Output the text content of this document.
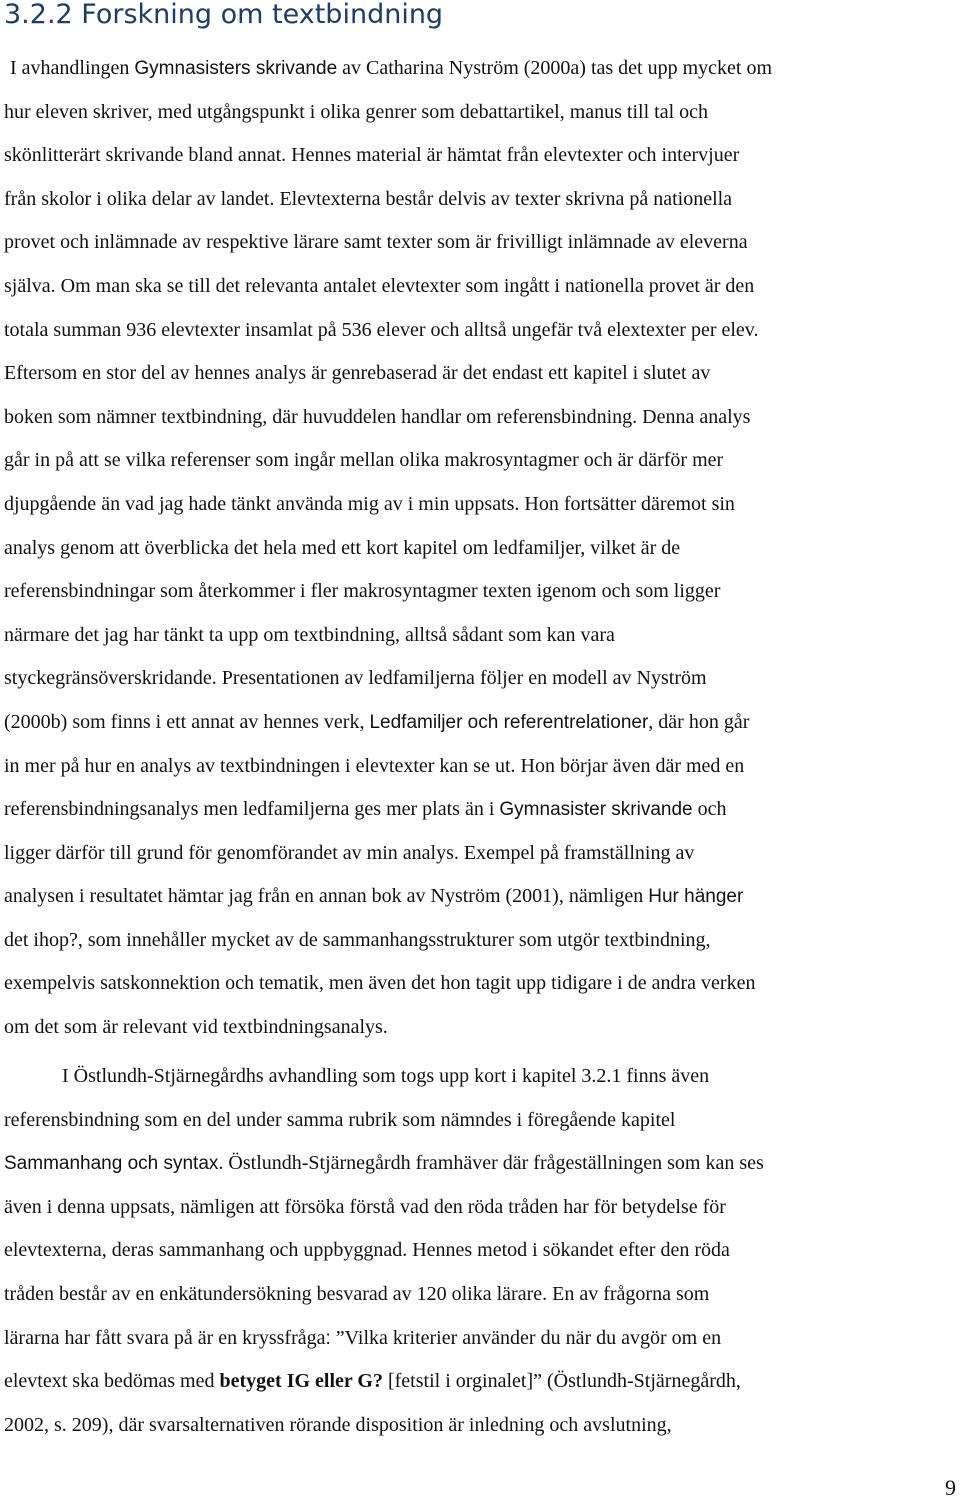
3.2.2 Forskning om textbindning
I avhandlingen Gymnasisters skrivande av Catharina Nyström (2000a) tas det upp mycket om
hur eleven skriver, med utgångspunkt i olika genrer som debattartikel, manus till tal och
skönlitterärt skrivande bland annat. Hennes material är hämtat från elevtexter och intervjuer
från skolor i olika delar av landet. Elevtexterna består delvis av texter skrivna på nationella
provet och inlämnade av respektive lärare samt texter som är frivilligt inlämnade av eleverna
själva. Om man ska se till det relevanta antalet elevtexter som ingått i nationella provet är den
totala summan 936 elevtexter insamlat på 536 elever och alltså ungefär två elextexter per elev.
Eftersom en stor del av hennes analys är genrebaserad är det endast ett kapitel i slutet av
boken som nämner textbindning, där huvuddelen handlar om referensbindning. Denna analys
går in på att se vilka referenser som ingår mellan olika makrosyntagmer och är därför mer
djupgående än vad jag hade tänkt använda mig av i min uppsats. Hon fortsätter däremot sin
analys genom att överblicka det hela med ett kort kapitel om ledfamiljer, vilket är de
referensbindningar som återkommer i fler makrosyntagmer texten igenom och som ligger
närmare det jag har tänkt ta upp om textbindning, alltså sådant som kan vara
styckegränsöverskridande. Presentationen av ledfamiljerna följer en modell av Nyström
(2000b) som finns i ett annat av hennes verk, Ledfamiljer och referentrelationer, där hon går
in mer på hur en analys av textbindningen i elevtexter kan se ut. Hon börjar även där med en
referensbindningsanalys men ledfamiljerna ges mer plats än i Gymnasister skrivande och
ligger därför till grund för genomförandet av min analys. Exempel på framställning av
analysen i resultatet hämtar jag från en annan bok av Nyström (2001), nämligen Hur hänger
det ihop?, som innehåller mycket av de sammanhangsstrukturer som utgör textbindning,
exempelvis satskonnektion och tematik, men även det hon tagit upp tidigare i de andra verken
om det som är relevant vid textbindningsanalys.
I Östlundh-Stjärnegårdhs avhandling som togs upp kort i kapitel 3.2.1 finns även
referensbindning som en del under samma rubrik som nämndes i föregående kapitel
Sammanhang och syntax. Östlundh-Stjärnegårdh framhäver där frågeställningen som kan ses
även i denna uppsats, nämligen att försöka förstå vad den röda tråden har för betydelse för
elevtexterna, deras sammanhang och uppbyggnad. Hennes metod i sökandet efter den röda
tråden består av en enkätundersökning besvarad av 120 olika lärare. En av frågorna som
lärarna har fått svara på är en kryssfråga: ”Vilka kriterier använder du när du avgör om en
elevtext ska bedömas med betyget IG eller G? [fetstil i orginalet]” (Östlundh-Stjärnegårdh,
2002, s. 209), där svarsalternativen rörande disposition är inledning och avslutning,
9
